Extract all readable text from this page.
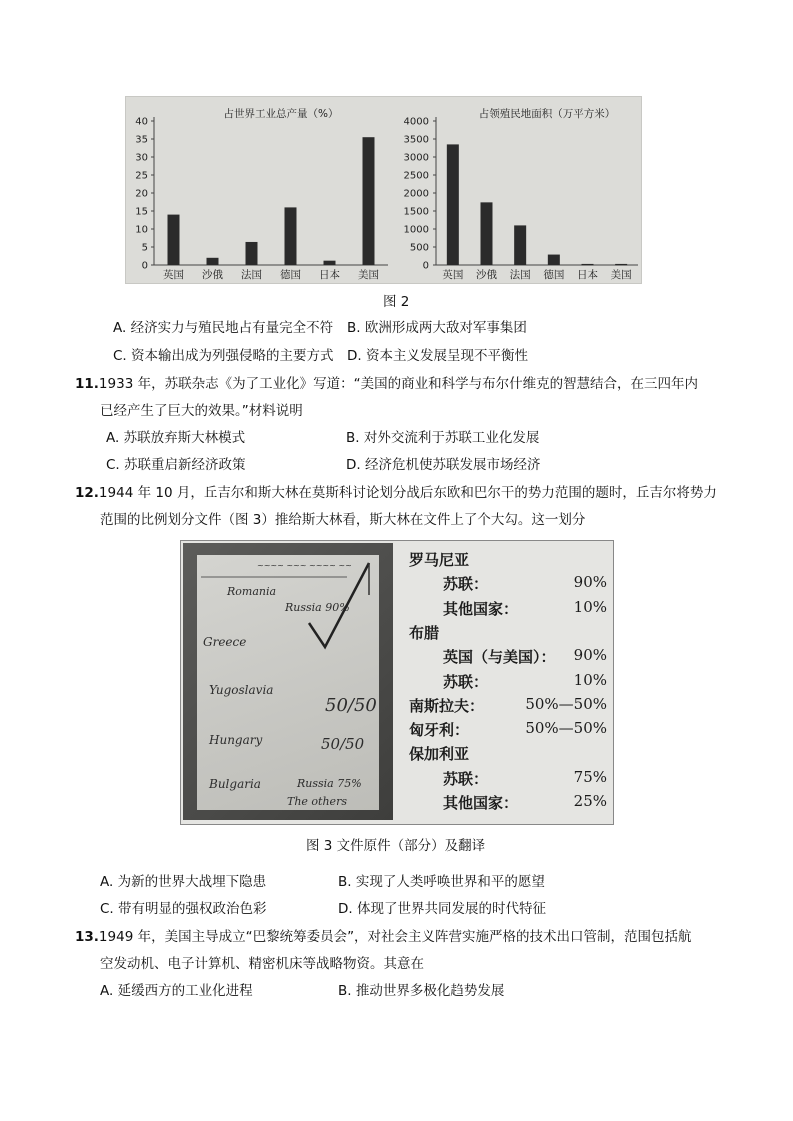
0
5
10
15
20
25
30
35
40
占世界工业总产量（%）
英国 沙俄 法国 德国 日本 美国
0
500
1000
1500
2000
2500
3000
3500
4000
占领殖民地面积（万平方米）
英国 沙俄 法国 德国 日本 美国
图 2
A. 经济实力与殖民地占有量完全不符 B. 欧洲形成两大敌对军事集团
C. 资本输出成为列强侵略的主要方式 D. 资本主义发展呈现不平衡性
11.1933 年，苏联杂志《为了工业化》写道：“美国的商业和科学与布尔什维克的智慧结合，在三四年内
已经产生了巨大的效果。”材料说明
A. 苏联放弃斯大林模式	B. 对外交流利于苏联工业化发展
C. 苏联重启新经济政策	D. 经济危机使苏联发展市场经济
12.1944 年 10 月，丘吉尔和斯大林在莫斯科讨论划分战后东欧和巴尔干的势力范围的题时，丘吉尔将势力
范围的比例划分文件（图 3）推给斯大林看，斯大林在文件上了个大勾。这一划分
~~~~ ~~~ ~~~~ ~~
Romania
Russia 90%
Greece
Yugoslavia
Hungary
Bulgaria	Russia 75%
The others
50/50
50/50
罗马尼亚
苏联：	90%
其他国家：	10%
布腊
英国（与美国）： 90%
苏联：	10%
南斯拉夫：	50%—50%
匈牙利：	50%—50%
保加利亚
苏联：	75%
其他国家：	25%
图 3 文件原件（部分）及翻译
A. 为新的世界大战埋下隐患	B. 实现了人类呼唤世界和平的愿望
C. 带有明显的强权政治色彩	D. 体现了世界共同发展的时代特征
13.1949 年，美国主导成立“巴黎统筹委员会”，对社会主义阵营实施严格的技术出口管制，范围包括航
空发动机、电子计算机、精密机床等战略物资。其意在
A. 延缓西方的工业化进程	B. 推动世界多极化趋势发展
